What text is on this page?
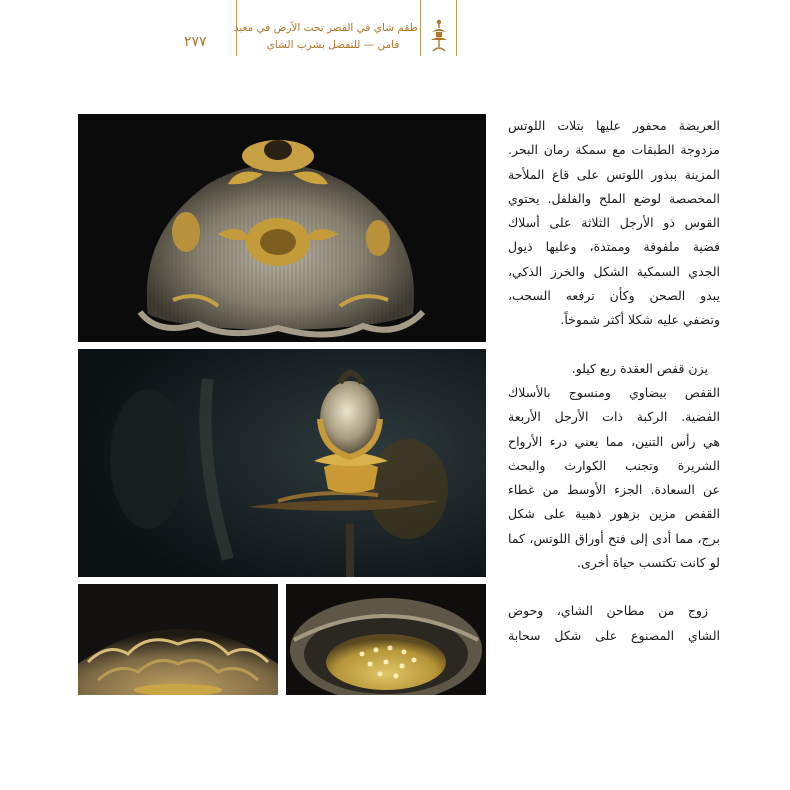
٢٧٧
طقم شاي في القصر تحت الأرض في معبد
فامن — للتفضل بشرب الشاي
العريضة محفور عليها بتلات اللوتس
مزدوجة الطبقات مع سمكة رمان البحر.
المزينة ببذور اللوتس على قاع الملأحة
المخصصة لوضع الملح والفلفل. يحتوي
القوس ذو الأرجل الثلاثة على أسلاك
فضية ملفوفة وممتدة، وعليها ذيول
الجدي السمكية الشكل والخرز الذكي،
يبدو الصحن وكأن ترفعه السحب،
وتضفي عليه شكلا أكثر شموخاً.
يزن قفص العقدة ربع كيلو.
القفص بيضاوي ومنسوج بالأسلاك
الفضية. الركبة ذات الأرجل الأربعة
هي رأس التنين، مما يعني درء الأرواح
الشريرة وتجنب الكوارث والبحث
عن السعادة. الجزء الأوسط من غطاء
القفص مزين بزهور ذهبية على شكل
برج، مما أدى إلى فتح أوراق اللوتس، كما
لو كانت تكتسب حياة أخرى.
زوج من مطاحن الشاي، وحوض
الشاي المصنوع على شكل سحابة
